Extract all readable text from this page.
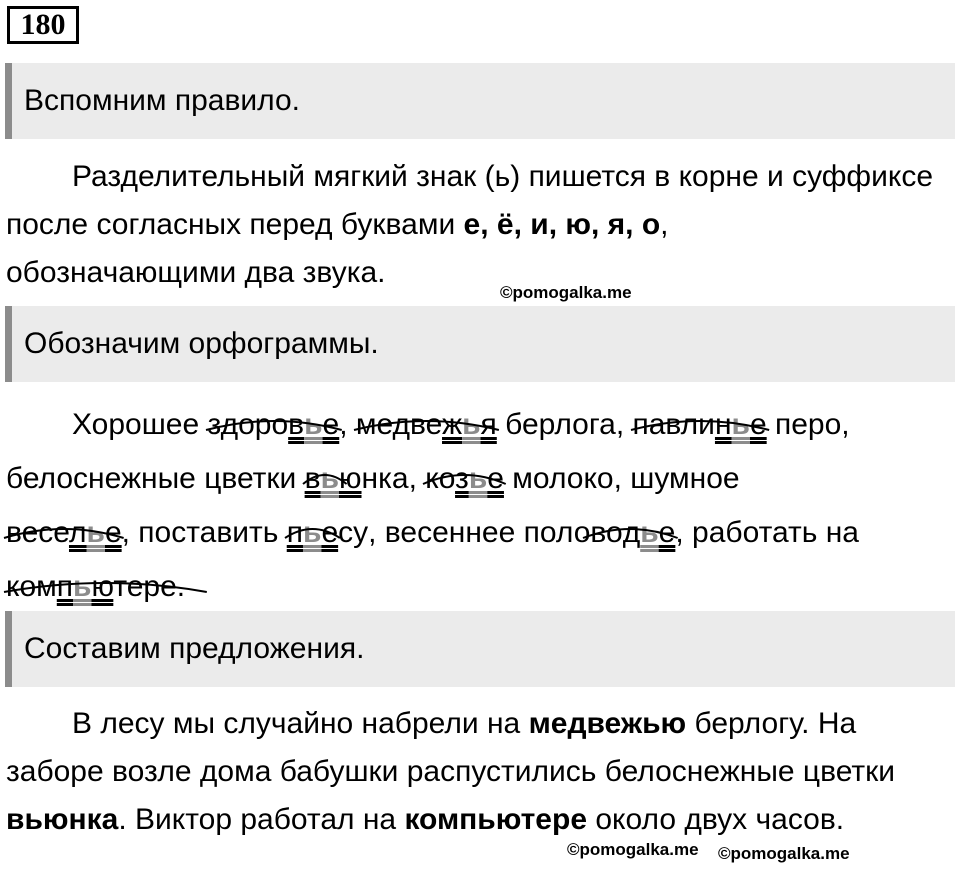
180
Вспомним правило.
Разделительный мягкий знак (ь) пишется в корне и суффиксе после согласных перед буквами е, ё, и, ю, я, о,
обозначающими два звука.
©pomogalka.me
Обозначим орфограммы.
Хорошее
здоровье,
медвежья берлога,
павлинье перо,
белоснежные цветки
вьюнка,
козье молоко, шумное

веселье, поставить
пьесу, весеннее полово
дье, работать на

компьютере.
Составим предложения.
В лесу мы случайно набрели на медвежью берлогу. На заборе возле дома бабушки распустились белоснежные цветки вьюнка. Виктор работал на компьютере около двух часов.
©pomogalka.me ©pomogalka.me
